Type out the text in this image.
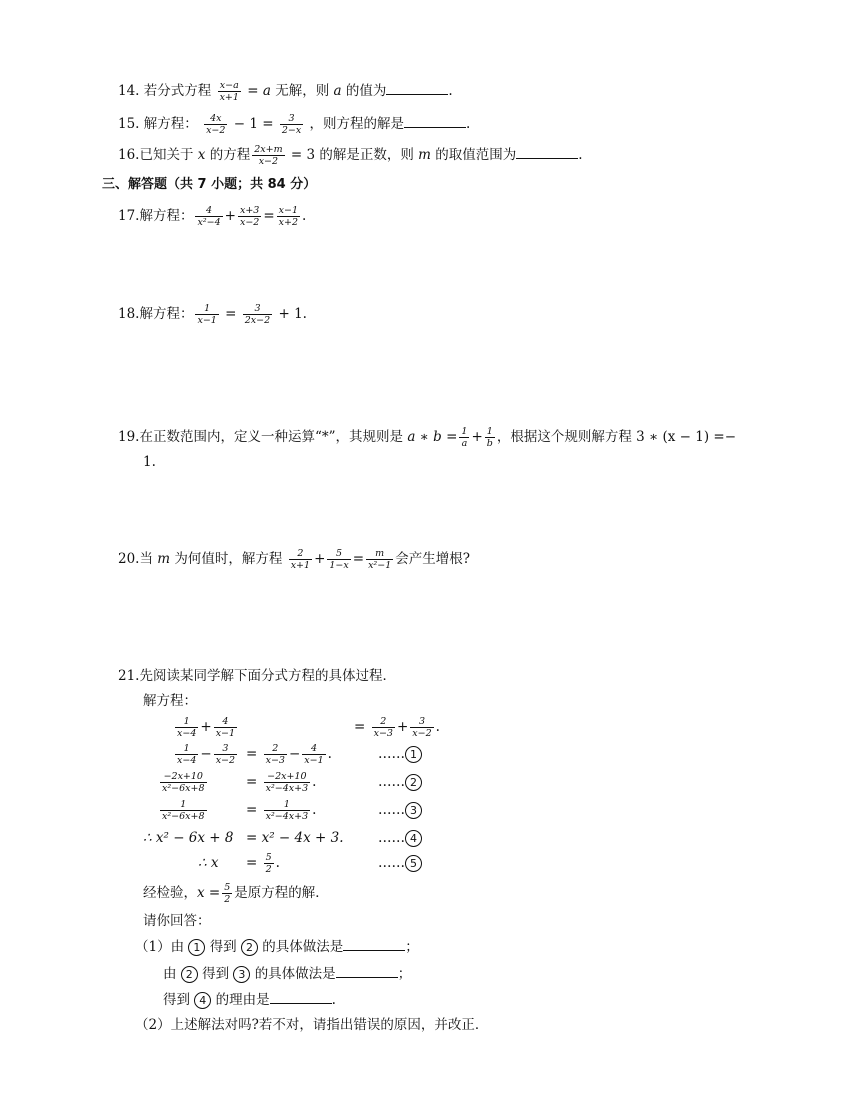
14. 若分式方程 $\frac{x-a}{x+1} = a$ 无解，则 a 的值为	.
15. 解方程： $\frac{4x}{x-2} - 1 = \frac{3}{2-x}$ ，则方程的解是	.
16.已知关于 x 的方程 $\frac{2x+m}{x-2} = 3$ 的解是正数，则 m 的取值范围为	.
三、解答题（共 7 小题；共 84 分）
17.解方程： $\frac{4}{\text{x²−4}} + \frac{x+3}{x-2} = \frac{x-1}{x+2}$ .
18.解方程： $\frac{1}{x-1} = \frac{3}{2x-2} + 1$.
19.在正数范围内，定义一种运算“*”，其规则是 a ∗ $b = \frac{1}{a} + \frac{1}{b}$ ，根据这个规则解方程 3 ∗ (x − 1) =−
1.
20.当 m 为何值时，解方程 $\frac{2}{x+1} + \frac{5}{1-x} = \frac{m}{\text{x²−1}}$ 会产生增根?
21.先阅读某同学解下面分式方程的具体过程．
解方程：
$\frac{1}{x-4} + \frac{4}{x-1}$	= $\frac{2}{x-3} + \frac{3}{x-2}$ .
$\frac{1}{x-4} - \frac{3}{x-2} = \frac{2}{x-3} - \frac{4}{x-1}$ .	…… 1
$\frac{-2x+10}{\text{x²−6x+8}}$	= $\frac{-2x+10}{\text{x²−4x+3}}$ .	…… 2
$\frac{1}{\text{x²−6x+8}}$	= $\frac{1}{\text{x²−4x+3}}$ .	…… 3
∴ x² − 6x + 8 = x² − 4x + 3.	…… 4
∴ $x = \frac{5}{2}$ .	…… 5
经检验，$x = \frac{5}{2}$ 是原方程的解．
请你回答：
（1）由 1 得到 2 的具体做法是	；
由 2 得到 3 的具体做法是	；
得到 4 的理由是	.
（2）上述解法对吗?若不对，请指出错误的原因，并改正．
